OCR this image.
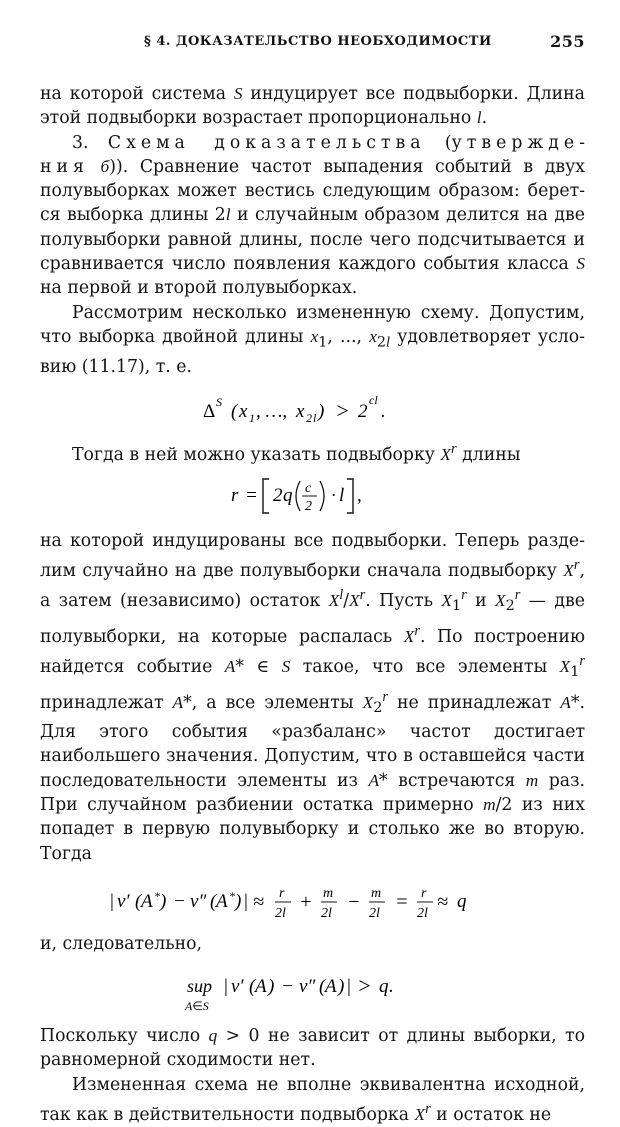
§ 4. ДОКАЗАТЕЛЬСТВО НЕОБХОДИМОСТИ	255

на которой система S индуцирует все подвыборки. Длина этой подвыборки возрастает пропорционально l.

3. Схема доказательства (утверждения б)). Сравнение частот выпадения событий в двух полувыборках может вестись следующим образом: берется выборка длины 2l и случайным образом делится на две полувыборки равной длины, после чего подсчитывается и сравнивается число появления каждого события класса S на первой и второй полувыборках.

Рассмотрим несколько измененную схему. Допустим, что выборка двойной длины $x_1$, ..., $x_{2l}$ удовлетворяет условию (11.17), т. е.

Δ S ( x 1 , …, x 2 l ) > 2
cl
.

Тогда в ней можно указать подвыборку $X^r$ длины

r = 2 q c
2
· l ,

на которой индуцированы все подвыборки. Теперь разделим случайно на две полувыборки сначала подвыборку $X^r$, а затем (независимо) остаток $X^l/X^r$. Пусть $X_1^r$ и $X_2^r$ — две полувыборки, на которые распалась $X^r$. По построению найдется событие A* ∈ S такое, что все элементы $X_1^r$ принадлежат A*, а все элементы $X_2^r$ не принадлежат A*. Для этого события «разбаланс» частот достигает наибольшего значения. Допустим, что в оставшейся части последовательности элементы из A* встречаются m раз. При случайном разбиении остатка примерно m/2 из них попадет в первую полувыборку и столько же во вторую. Тогда

| ν′ ( A * ) − ν″ ( A * ) | ≈ r
2l
+ m
2l
− m
2l
= r
2l
≈ q

и, следовательно,

sup
A∈S
| ν′ ( A ) − ν″ ( A ) | > q .

Поскольку число q > 0 не зависит от длины выборки, то равномерной сходимости нет.

Измененная схема не вполне эквивалентна исходной, так как в действительности подвыборка $X^r$ и остаток не
